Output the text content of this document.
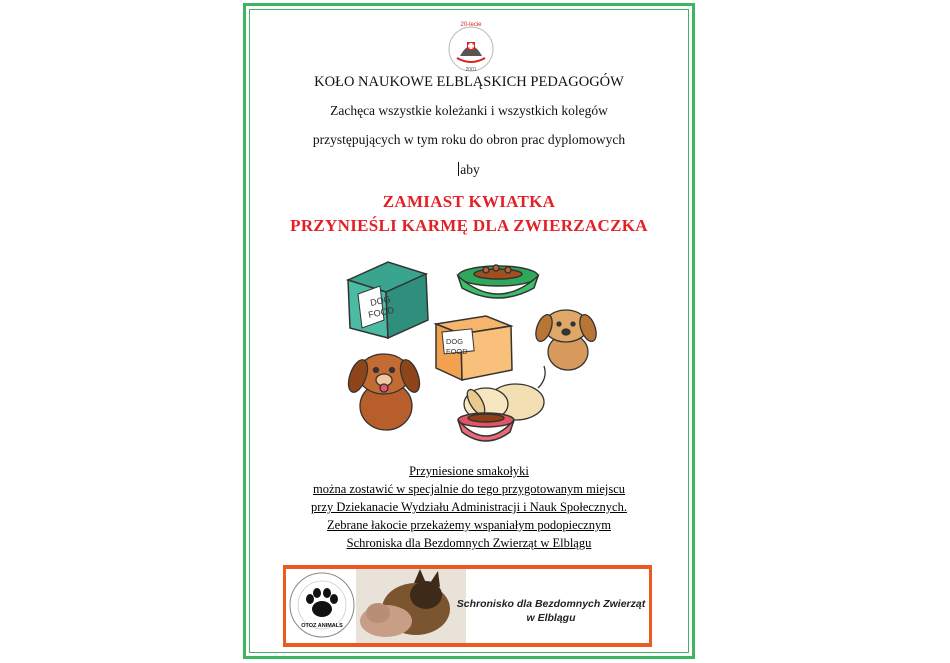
20-lecie
2001
KOŁO NAUKOWE ELBLĄSKICH PEDAGOGÓW
Zachęca wszystkie koleżanki i wszystkich kolegów
przystępujących w tym roku do obron prac dyplomowych
aby
ZAMIAST KWIATKA
PRZYNIEŚLI KARMĘ DLA ZWIERZACZKA
DOG
FOOD
DOG
FOOD
Przyniesione smakołyki
można zostawić w specjalnie do tego przygotowanym miejscu
przy Dziekanacie Wydziału Administracji i Nauk Społecznych.
Zebrane łakocie przekażemy wspaniałym podopiecznym
Schroniska dla Bezdomnych Zwierząt w Elblągu
OTOZ ANIMALS
Schronisko dla Bezdomnych Zwierząt
w Elblągu
